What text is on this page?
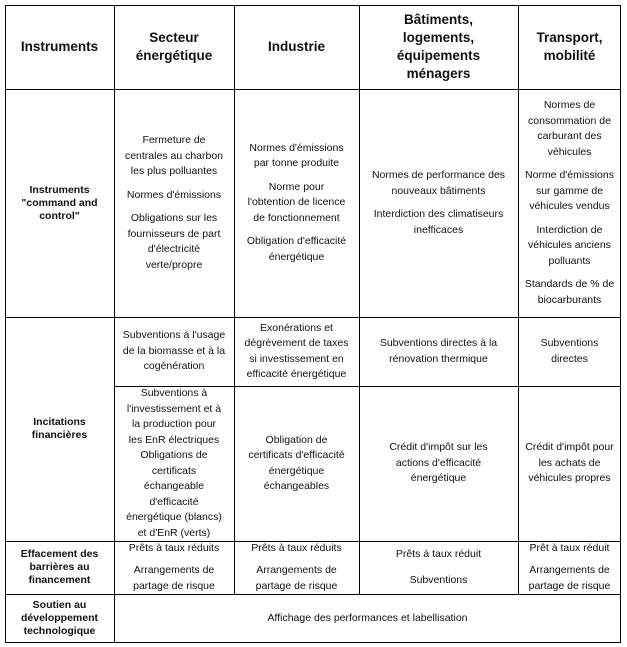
Instruments
Secteur
énergétique
Industrie
Bâtiments,
logements,
équipements
ménagers
Transport,
mobilité
Instruments
"command and
control"

Fermeture de

centrales au charbon

les plus polluantes

Normes d'émissions

Obligations sur les

fournisseurs de part

d'électricité

verte/propre

Normes d'émissions

par tonne produite

Norme pour

l'obtention de licence

de fonctionnement

Obligation d'efficacité

énergétique

Normes de performance des

nouveaux bâtiments

Interdiction des climatiseurs

inefficaces

Normes de

consommation de

carburant des

véhicules

Norme d'émissions

sur gamme de

véhicules vendus

Interdiction de

véhicules anciens

polluants

Standards de % de

biocarburants

Incitations
financières

Subventions à l'usage

de la biomasse et à la

cogénération

Exonérations et

dégrèvement de taxes

si investissement en

efficacité énergétique

Subventions directes à la

rénovation thermique

Subventions

directes

Subventions à

l'investissement et à

la production pour

les EnR électriques

Obligations de

certificats

échangeable

d'efficacité

énergétique (blancs)

et d'EnR (verts)

Obligation de

certificats d'efficacité

énergétique

échangeables

Crédit d'impôt sur les

actions d'efficacité

énergétique

Crédit d'impôt pour

les achats de

véhicules propres

Effacement des
barrières au
financement

Prêts à taux réduits

Arrangements de

partage de risque

Prêts à taux réduits

Arrangements de

partage de risque

Prêts à taux réduit

Subventions

Prêt à taux réduit

Arrangements de

partage de risque

Soutien au
développement
technologique

Affichage des performances et labellisation
